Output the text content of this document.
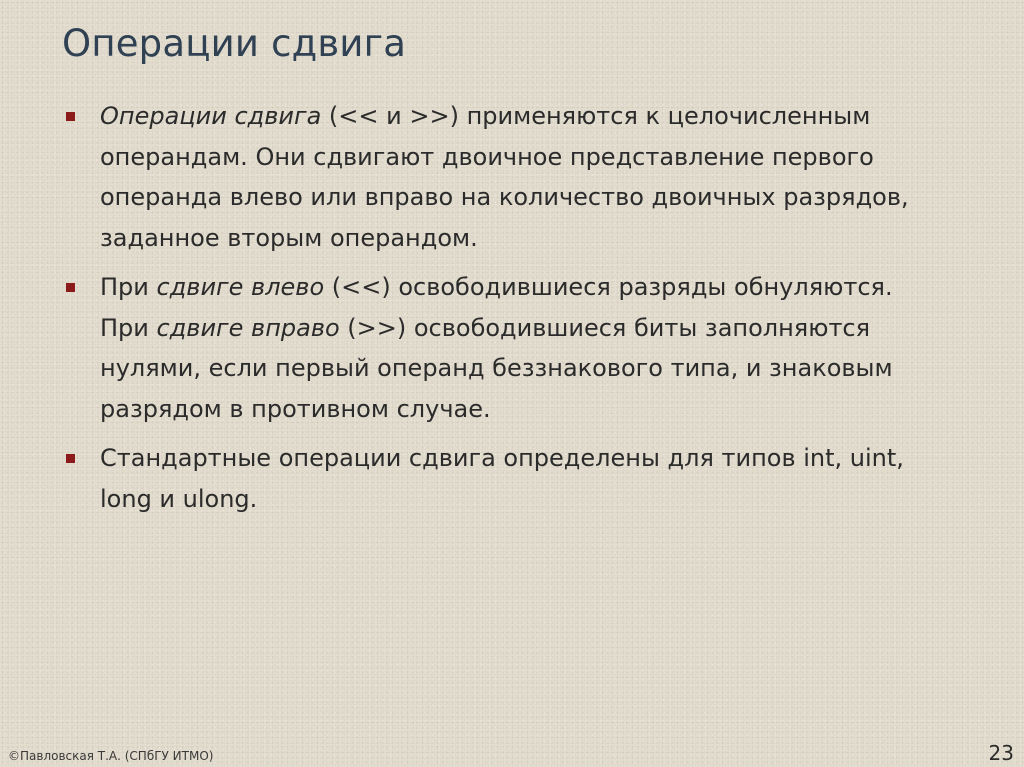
Операции сдвига
Операции сдвига (<< и >>) применяются к целочисленным операндам. Они сдвигают двоичное представление первого операнда влево или вправо на количество двоичных разрядов, заданное вторым операндом.
При сдвиге влево (<<) освободившиеся разряды обнуляются. При сдвиге вправо (>>) освободившиеся биты заполняются нулями, если первый операнд беззнакового типа, и знаковым разрядом в противном случае.
Стандартные операции сдвига определены для типов int, uint, long и ulong.
©Павловская Т.А. (СПбГУ ИТМО)	23
